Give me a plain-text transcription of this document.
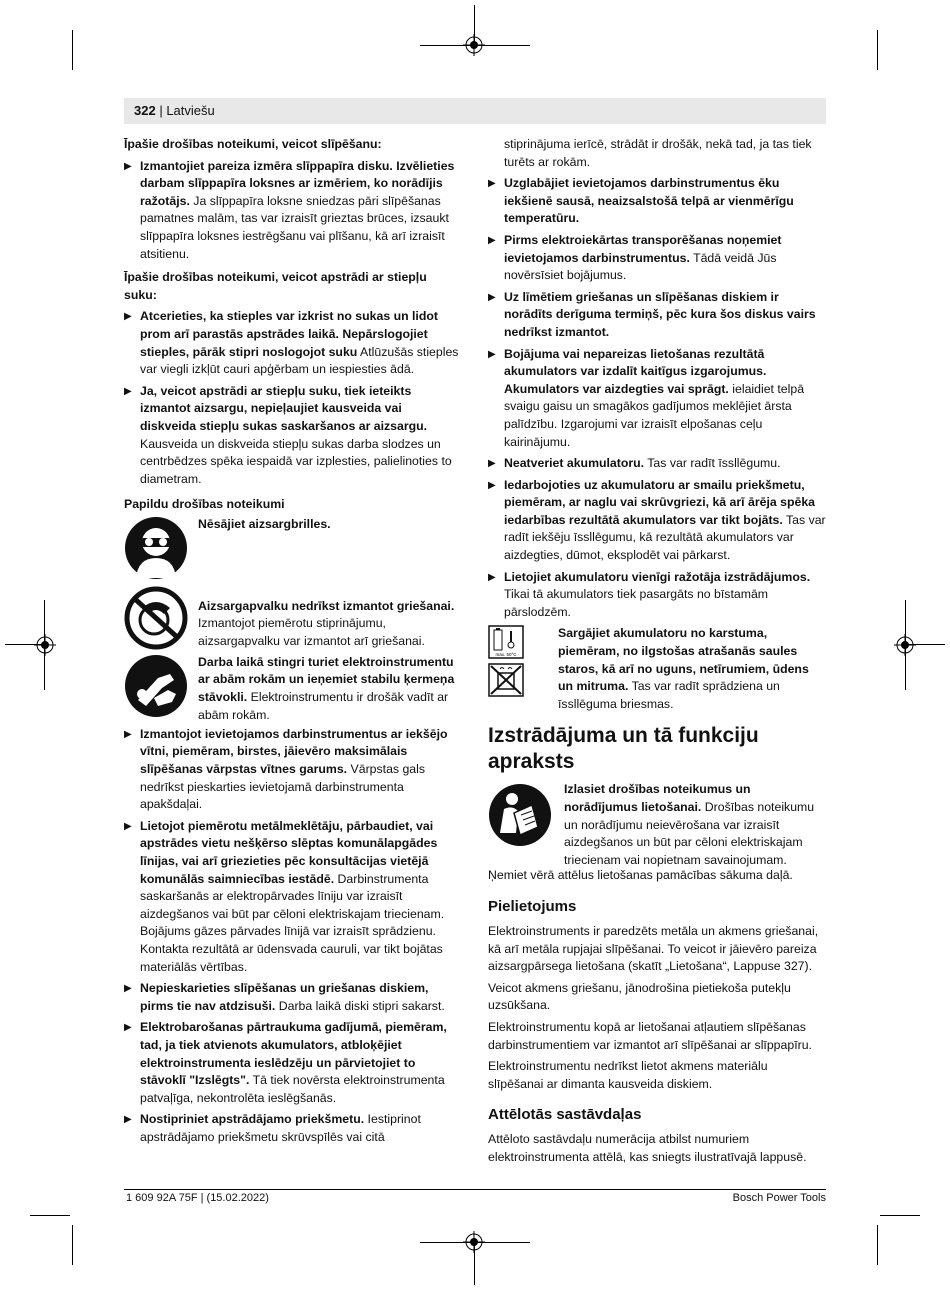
322 | Latviešu

Īpašie drošības noteikumi, veicot slīpēšanu:

▶ Izmantojiet pareiza izmēra slīppapīra disku. Izvēlieties darbam slīppapīra loksnes ar izmēriem, ko norādījis ražotājs. Ja slīppapīra loksne sniedzas pāri slīpēšanas pamatnes malām, tas var izraisīt grieztas brūces, izsaukt slīppapīra loksnes iestrēgšanu vai plīšanu, kā arī izraisīt atsitienu.

Īpašie drošības noteikumi, veicot apstrādi ar stiepļu suku:

▶ Atcerieties, ka stieples var izkrist no sukas un lidot prom arī parastās apstrādes laikā. Nepārslogojiet stieples, pārāk stipri noslogojot suku Atlūzušās stieples var viegli izkļūt cauri apģērbam un iespiesties ādā.
▶ Ja, veicot apstrādi ar stiepļu suku, tiek ieteikts izmantot aizsargu, nepieļaujiet kausveida vai diskveida stiepļu sukas saskaršanos ar aizsargu. Kausveida un diskveida stiepļu sukas darba slodzes un centrbēdzes spēka iespaidā var izplesties, palielinoties to diametram.

Papildu drošības noteikumi

Nēsājiet aizsargbrilles.
Aizsargapvalku nedrīkst izmantot griešanai. Izmantojot piemērotu stiprinājumu, aizsargapvalku var izmantot arī griešanai.
Darba laikā stingri turiet elektroinstrumentu ar abām rokām un ieņemiet stabilu ķermeņa stāvokli. Elektroinstrumentu ir drošāk vadīt ar abām rokām.
▶ Izmantojot ievietojamos darbinstrumentus ar iekšējo vītni, piemēram, birstes, jāievēro maksimālais slīpēšanas vārpstas vītnes garums. Vārpstas gals nedrīkst pieskarties ievietojamā darbinstrumenta apakšdaļai.
▶ Lietojot piemērotu metālmeklētāju, pārbaudiet, vai apstrādes vietu nešķērso slēptas komunālapgādes līnijas, vai arī griezieties pēc konsultācijas vietējā komunālās saimniecības iestādē. Darbinstrumenta saskaršanās ar elektropārvades līniju var izraisīt aizdegšanos vai būt par cēloni elektriskajam triecienam. Bojājums gāzes pārvades līnijā var izraisīt sprādzienu. Kontakta rezultātā ar ūdensvada cauruli, var tikt bojātas materiālās vērtības.
▶ Nepieskarieties slīpēšanas un griešanas diskiem, pirms tie nav atdzisuši. Darba laikā diski stipri sakarst.
▶ Elektrobarošanas pārtraukuma gadījumā, piemēram, tad, ja tiek atvienots akumulators, atbloķējiet elektroinstrumenta ieslēdzēju un pārvietojiet to stāvoklī "Izslēgts". Tā tiek novērsta elektroinstrumenta patvaļīga, nekontrolēta ieslēgšanās.
▶ Nostipriniet apstrādājamo priekšmetu. Iestiprinot apstrādājamo priekšmetu skrūvspīlēs vai citā

stiprinājuma ierīcē, strādāt ir drošāk, nekā tad, ja tas tiek turēts ar rokām.

▶ Uzglabājiet ievietojamos darbinstrumentus ēku iekšienē sausā, neaizsalstošā telpā ar vienmērīgu temperatūru.
▶ Pirms elektroiekārtas transporēšanas noņemiet ievietojamos darbinstrumentus. Tādā veidā Jūs novērsīsiet bojājumus.
▶ Uz līmētiem griešanas un slīpēšanas diskiem ir norādīts derīguma termiņš, pēc kura šos diskus vairs nedrīkst izmantot.
▶ Bojājuma vai nepareizas lietošanas rezultātā akumulators var izdalīt kaitīgus izgarojumus. Akumulators var aizdegties vai sprāgt. ielaidiet telpā svaigu gaisu un smagākos gadījumos meklējiet ārsta palīdzību. Izgarojumi var izraisīt elpošanas ceļu kairinājumu.
▶ Neatveriet akumulatoru. Tas var radīt īssllēgumu.
▶ Iedarbojoties uz akumulatoru ar smailu priekšmetu, piemēram, ar naglu vai skrūvgriezi, kā arī ārēja spēka iedarbības rezultātā akumulators var tikt bojāts. Tas var radīt iekšēju īssllēgumu, kā rezultātā akumulators var aizdegties, dūmot, eksplodēt vai pārkarst.
▶ Lietojiet akumulatoru vienīgi ražotāja izstrādājumos. Tikai tā akumulators tiek pasargāts no bīstamām pārslodzēm.
max. 50°C
Sargājiet akumulatoru no karstuma, piemēram, no ilgstošas atrašanās saules staros, kā arī no uguns, netīrumiem, ūdens un mitruma. Tas var radīt sprādziena un īssllēguma briesmas.

Izstrādājuma un tā funkciju apraksts

Izlasiet drošības noteikumus un norādījumus lietošanai. Drošības noteikumu un norādījumu neievērošana var izraisīt aizdegšanos un būt par cēloni elektriskajam triecienam vai nopietnam savainojumam.

Ņemiet vērā attēlus lietošanas pamācības sākuma daļā.

Pielietojums

Elektroinstruments ir paredzēts metāla un akmens griešanai, kā arī metāla rupjajai slīpēšanai. To veicot ir jāievēro pareiza aizsargpārsega lietošana (skatīt „Lietošana“, Lappuse 327).

Veicot akmens griešanu, jānodrošina pietiekoša putekļu uzsūkšana.

Elektroinstrumentu kopā ar lietošanai atļautiem slīpēšanas darbinstrumentiem var izmantot arī slīpēšanai ar slīppapīru.

Elektroinstrumentu nedrīkst lietot akmens materiālu slīpēšanai ar dimanta kausveida diskiem.

Attēlotās sastāvdaļas

Attēloto sastāvdaļu numerācija atbilst numuriem elektroinstrumenta attēlā, kas sniegts ilustratīvajā lappusē.

1 609 92A 75F | (15.02.2022)	Bosch Power Tools
